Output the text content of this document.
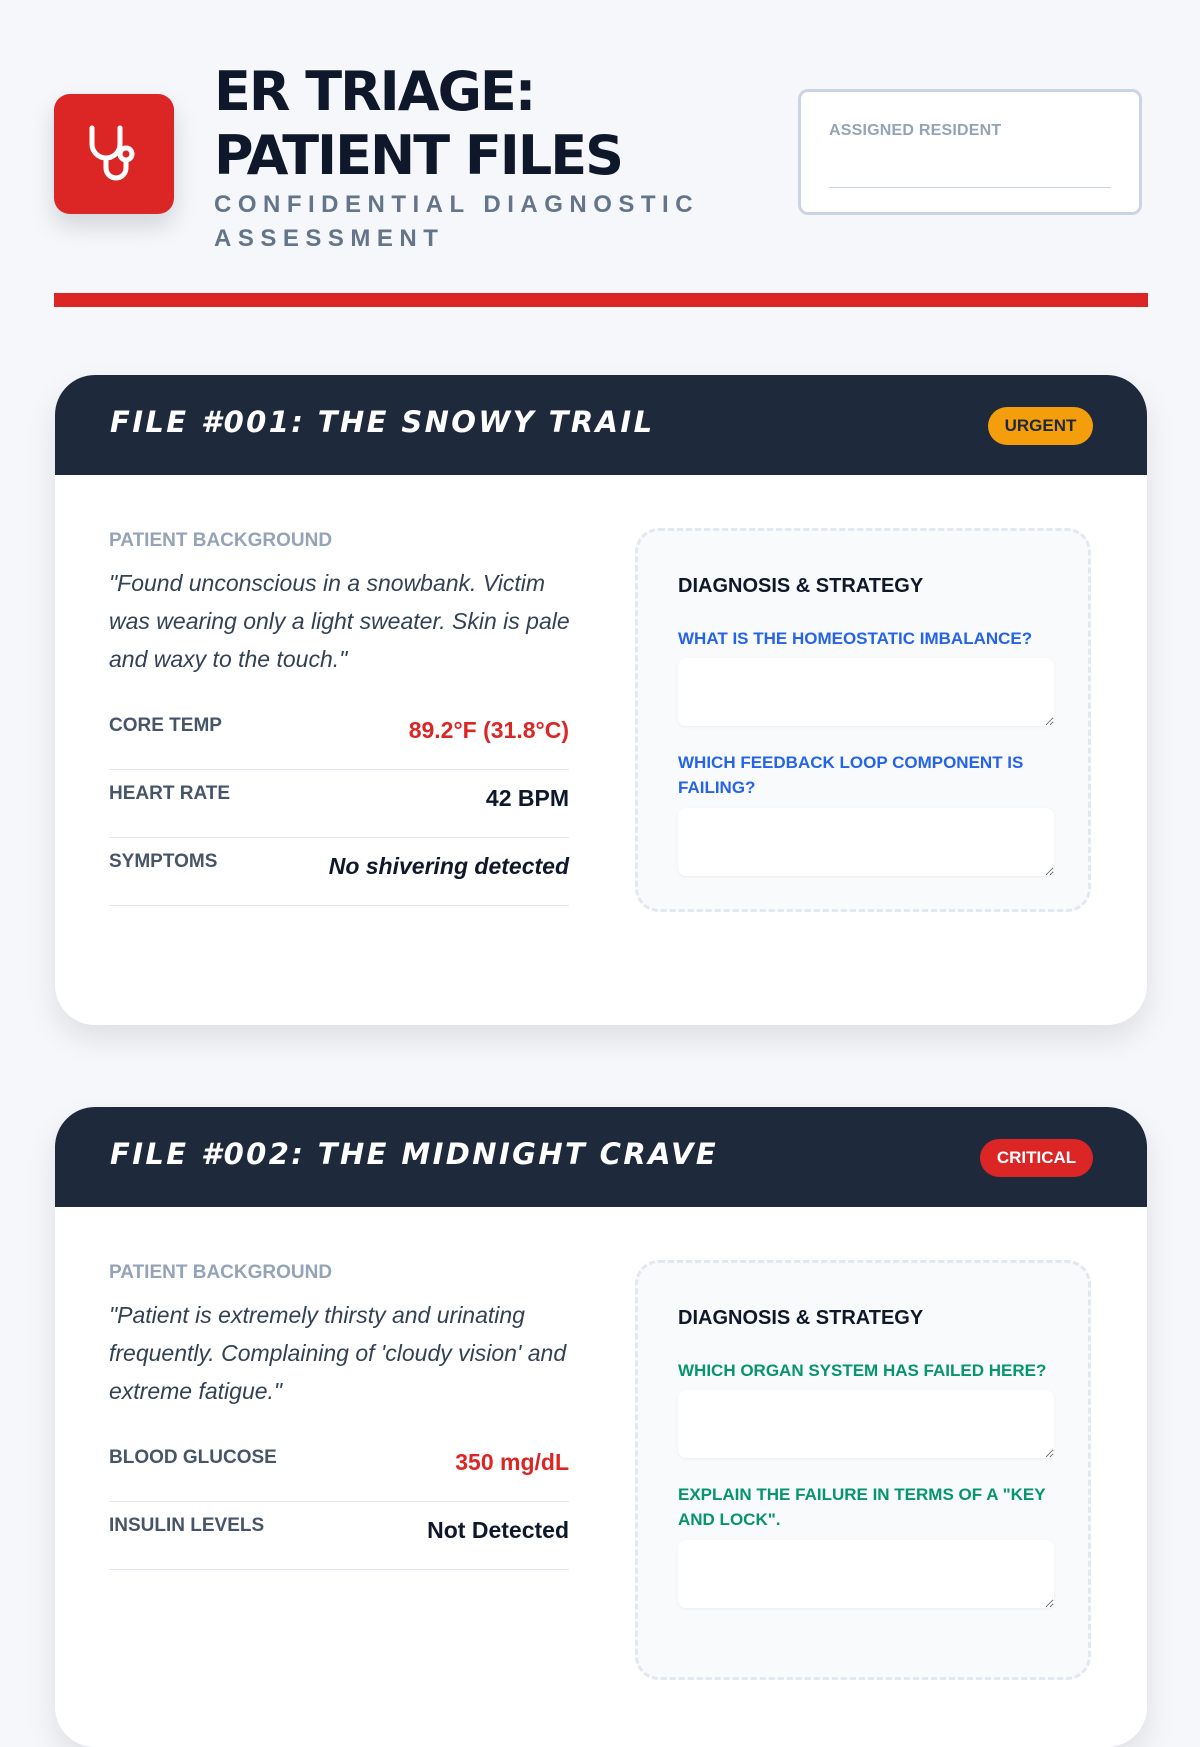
ER TRIAGE: PATIENT FILES
CONFIDENTIAL DIAGNOSTIC ASSESSMENT
ASSIGNED RESIDENT
FILE #001: THE SNOWY TRAIL	URGENT
PATIENT BACKGROUND
"Found unconscious in a snowbank. Victim was wearing only a light sweater. Skin is pale and waxy to the touch."
CORE TEMP	89.2°F (31.8°C)
HEART RATE	42 BPM
SYMPTOMS	No shivering detected
DIAGNOSIS & STRATEGY
WHAT IS THE HOMEOSTATIC IMBALANCE?
WHICH FEEDBACK LOOP COMPONENT IS FAILING?
FILE #002: THE MIDNIGHT CRAVE	CRITICAL
PATIENT BACKGROUND
"Patient is extremely thirsty and urinating frequently. Complaining of 'cloudy vision' and extreme fatigue."
BLOOD GLUCOSE	350 mg/dL
INSULIN LEVELS	Not Detected
DIAGNOSIS & STRATEGY
WHICH ORGAN SYSTEM HAS FAILED HERE?
EXPLAIN THE FAILURE IN TERMS OF A "KEY AND LOCK".
